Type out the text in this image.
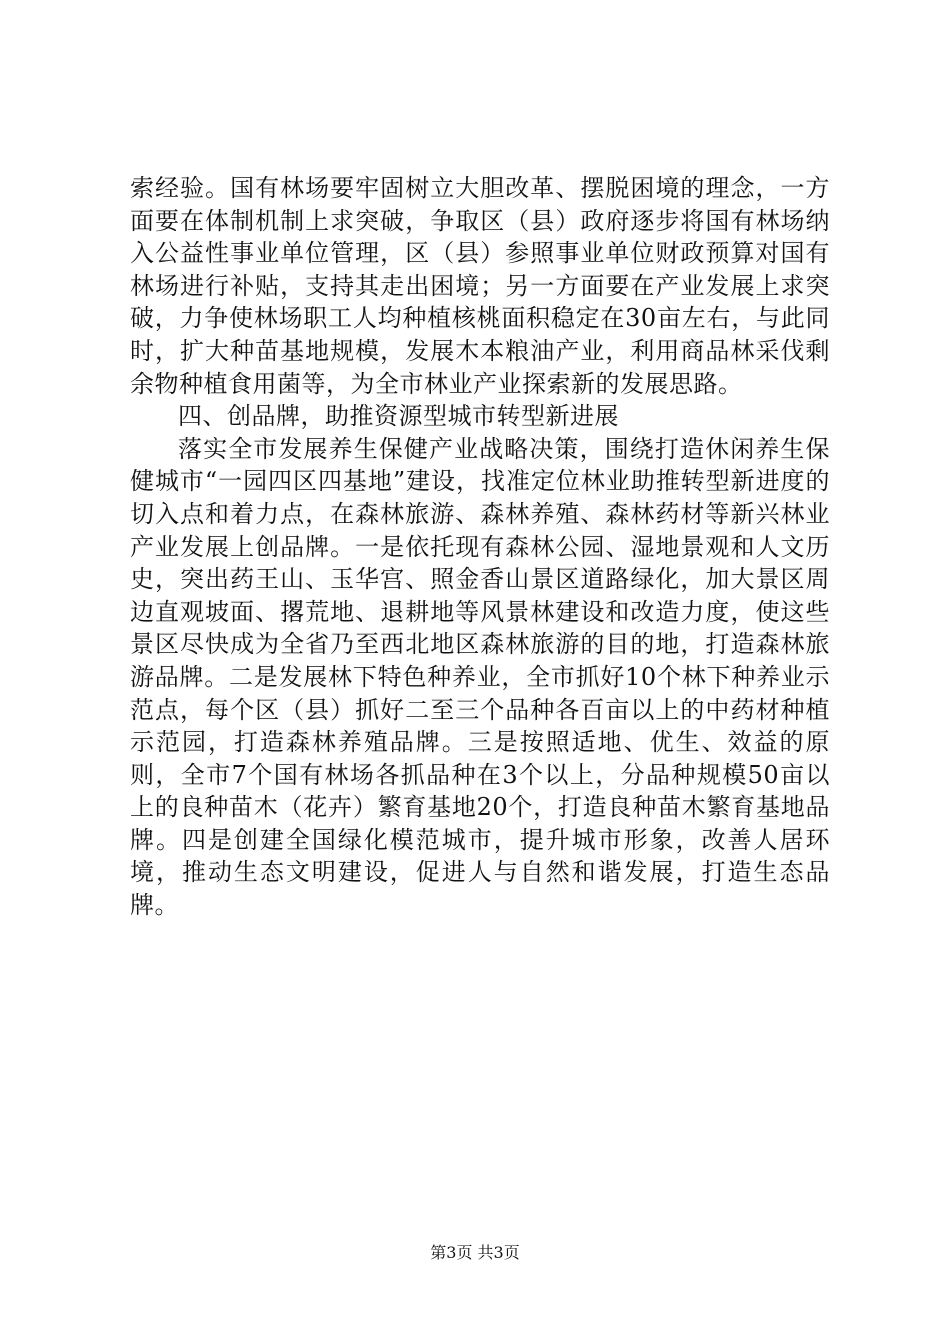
索经验。国有林场要牢固树立大胆改革、摆脱困境的理念，一方面要在体制机制上求突破，争取区（县）政府逐步将国有林场纳入公益性事业单位管理，区（县）参照事业单位财政预算对国有林场进行补贴，支持其走出困境；另一方面要在产业发展上求突破，力争使林场职工人均种植核桃面积稳定在30亩左右，与此同时，扩大种苗基地规模，发展木本粮油产业，利用商品林采伐剩余物种植食用菌等，为全市林业产业探索新的发展思路。

四、创品牌，助推资源型城市转型新进展

落实全市发展养生保健产业战略决策，围绕打造休闲养生保健城市“一园四区四基地”建设，找准定位林业助推转型新进度的切入点和着力点，在森林旅游、森林养殖、森林药材等新兴林业产业发展上创品牌。一是依托现有森林公园、湿地景观和人文历史，突出药王山、玉华宫、照金香山景区道路绿化，加大景区周边直观坡面、撂荒地、退耕地等风景林建设和改造力度，使这些景区尽快成为全省乃至西北地区森林旅游的目的地，打造森林旅游品牌。二是发展林下特色种养业，全市抓好10个林下种养业示范点，每个区（县）抓好二至三个品种各百亩以上的中药材种植示范园，打造森林养殖品牌。三是按照适地、优生、效益的原则，全市7个国有林场各抓品种在3个以上，分品种规模50亩以上的良种苗木（花卉）繁育基地20个，打造良种苗木繁育基地品牌。四是创建全国绿化模范城市，提升城市形象，改善人居环境，推动生态文明建设，促进人与自然和谐发展，打造生态品牌。

第3页 共3页
